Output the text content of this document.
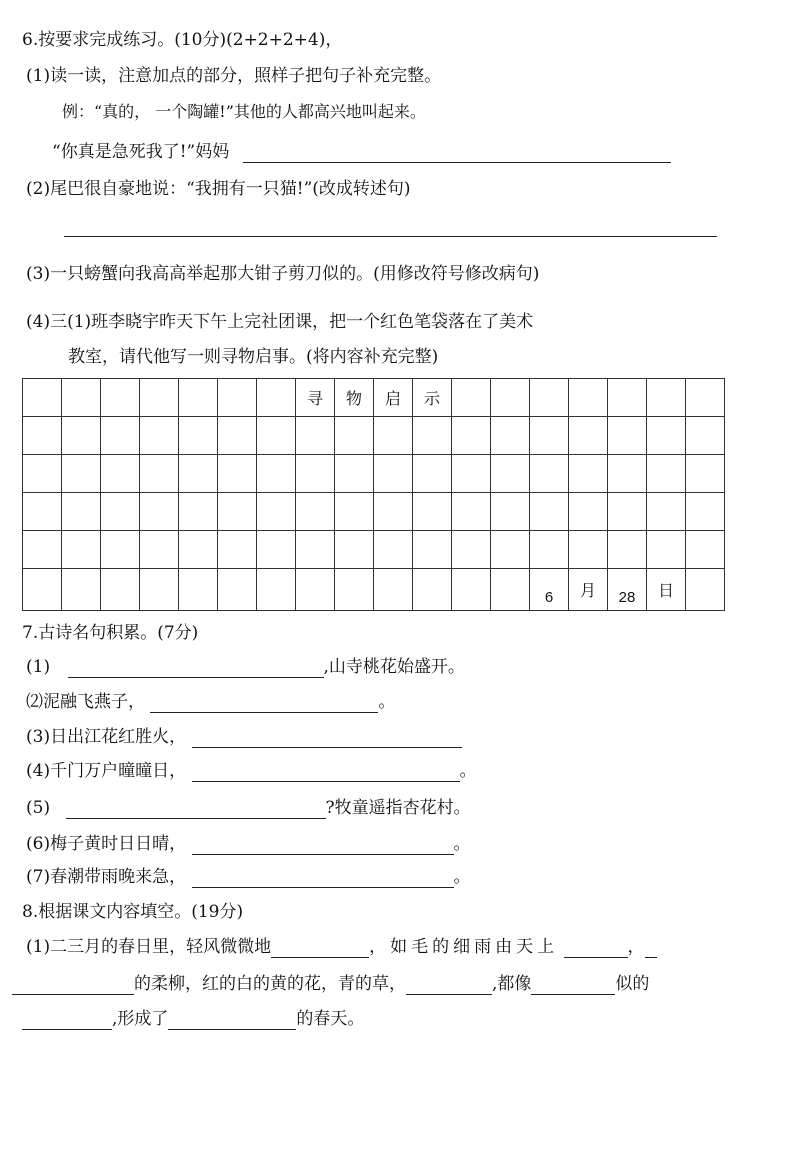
6.按要求完成练习。(10分)(2+2+2+4)，
(1)读一读，注意加点的部分，照样子把句子补充完整。
例：“真的， 一个陶罐!”其他的人都高兴地叫起来。
“你真是急死我了!”妈妈
(2)尾巴很自豪地说：“我拥有一只猫!”(改成转述句)
(3)一只螃蟹向我高高举起那大钳子剪刀似的。(用修改符号修改病句)
(4)三(1)班李晓宇昨天下午上完社团课，把一个红色笔袋落在了美术
教室，请代他写一则寻物启事。(将内容补充完整)
							寻	物	启	示							

													6	月	28	日	
7.古诗名句积累。(7分)
(1)	,山寺桃花始盛开。
⑵泥融飞燕子，	。
(3)日出江花红胜火，
(4)千门万户曈曈日，	。
(5)	?牧童遥指杏花村。
(6)梅子黄时日日晴，	。
(7)春潮带雨晚来急，	。
8.根据课文内容填空。(19分)
(1)二三月的春日里，轻风微微地	，如毛的细雨由天上	，
的柔柳，红的白的黄的花，青的草，	,都像	似的
,形成了	的春天。
